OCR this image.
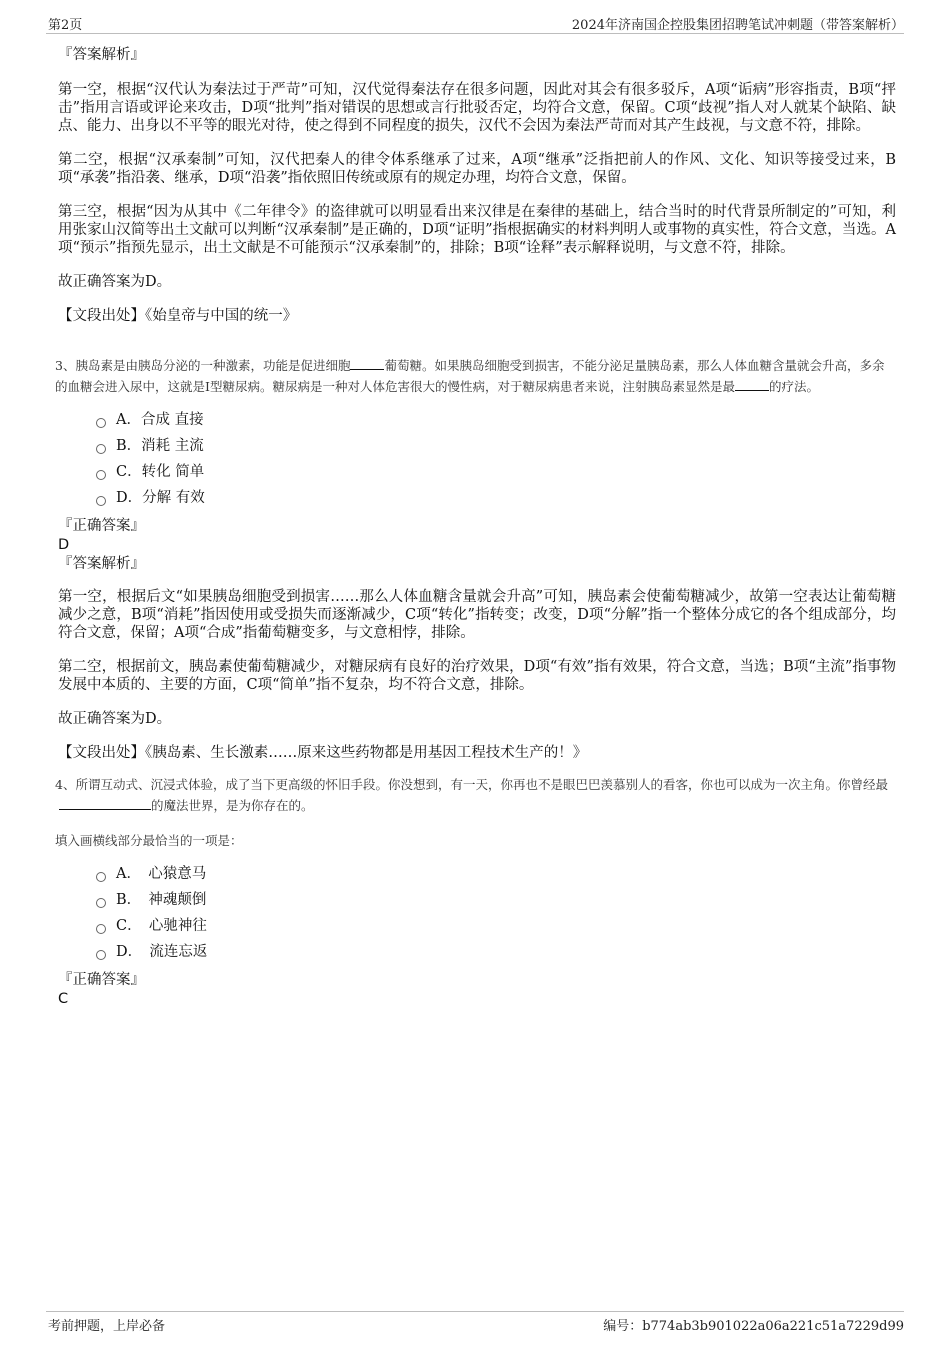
第2页	2024年济南国企控股集团招聘笔试冲刺题（带答案解析）

『答案解析』

第一空，根据“汉代认为秦法过于严苛”可知，汉代觉得秦法存在很多问题，因此对其会有很多驳斥，A项“诟病”形容指责，B项“抨击”指用言语或评论来攻击，D项“批判”指对错误的思想或言行批驳否定，均符合文意，保留。C项“歧视”指人对人就某个缺陷、缺点、能力、出身以不平等的眼光对待，使之得到不同程度的损失，汉代不会因为秦法严苛而对其产生歧视，与文意不符，排除。

第二空，根据“汉承秦制”可知，汉代把秦人的律令体系继承了过来，A项“继承”泛指把前人的作风、文化、知识等接受过来，B项“承袭”指沿袭、继承，D项“沿袭”指依照旧传统或原有的规定办理，均符合文意，保留。

第三空，根据“因为从其中《二年律令》的盗律就可以明显看出来汉律是在秦律的基础上，结合当时的时代背景所制定的”可知，利用张家山汉简等出土文献可以判断“汉承秦制”是正确的，D项“证明”指根据确实的材料判明人或事物的真实性，符合文意，当选。A项“预示”指预先显示，出土文献是不可能预示“汉承秦制”的，排除；B项“诠释”表示解释说明，与文意不符，排除。

故正确答案为D。

【文段出处】《始皇帝与中国的统一》

3、胰岛素是由胰岛分泌的一种激素，功能是促进细胞	葡萄糖。如果胰岛细胞受到损害，不能分泌足量胰岛素，那么人体血糖含量就会升高，多余的血糖会进入尿中，这就是I型糖尿病。糖尿病是一种对人体危害很大的慢性病，对于糖尿病患者来说，注射胰岛素显然是最	的疗法。

A．合成 直接
B．消耗 主流
C．转化 简单
D．分解 有效

『正确答案』

D

『答案解析』

第一空，根据后文“如果胰岛细胞受到损害……那么人体血糖含量就会升高”可知，胰岛素会使葡萄糖减少，故第一空表达让葡萄糖减少之意，B项“消耗”指因使用或受损失而逐渐减少，C项“转化”指转变；改变，D项“分解”指一个整体分成它的各个组成部分，均符合文意，保留；A项“合成”指葡萄糖变多，与文意相悖，排除。

第二空，根据前文，胰岛素使葡萄糖减少，对糖尿病有良好的治疗效果，D项“有效”指有效果，符合文意，当选；B项“主流”指事物发展中本质的、主要的方面，C项“简单”指不复杂，均不符合文意，排除。

故正确答案为D。

【文段出处】《胰岛素、生长激素……原来这些药物都是用基因工程技术生产的！》

4、所谓互动式、沉浸式体验，成了当下更高级的怀旧手段。你没想到，有一天，你再也不是眼巴巴羡慕别人的看客，你也可以成为一次主角。你曾经最的魔法世界，是为你存在的。

填入画横线部分最恰当的一项是：

A．　心猿意马
B．　神魂颠倒
C．　心驰神往
D．　流连忘返

『正确答案』

C

考前押题，上岸必备	编号：b774ab3b901022a06a221c51a7229d99
